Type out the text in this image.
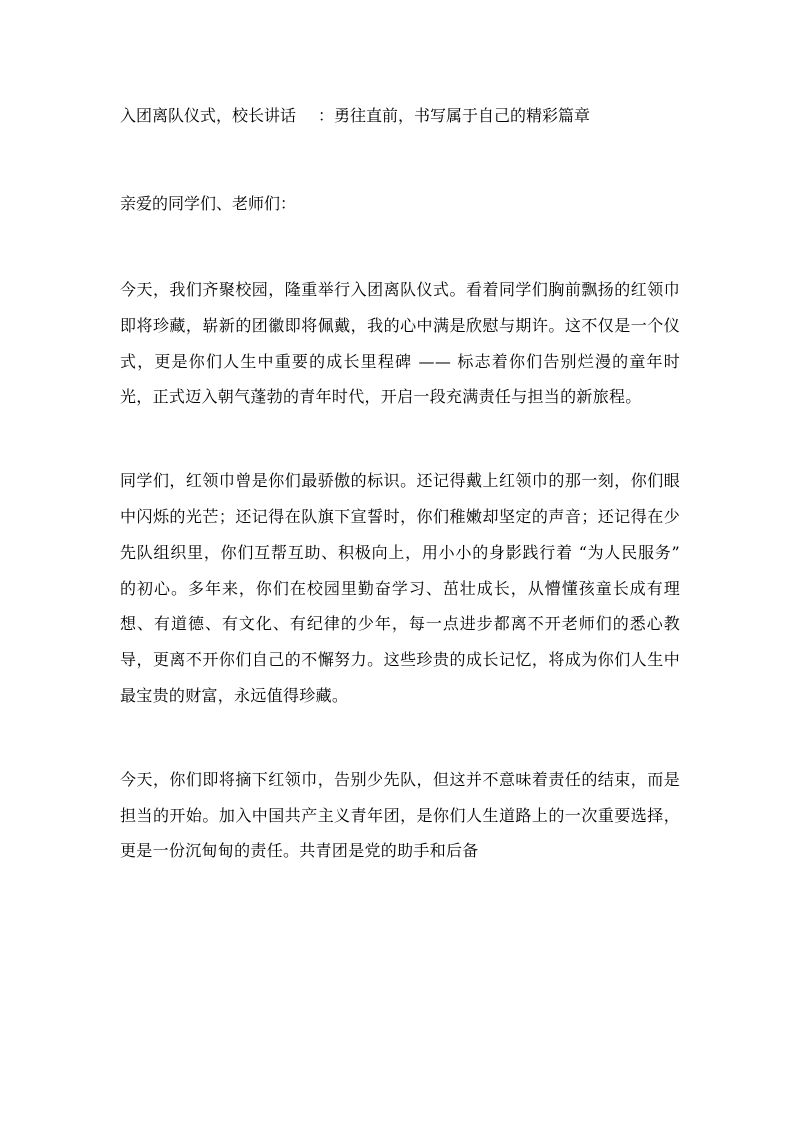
入团离队仪式，校长讲话 ：勇往直前，书写属于自己的精彩篇章

亲爱的同学们、老师们：

今天，我们齐聚校园，隆重举行入团离队仪式。看着同学们胸前飘扬的红领巾即将珍藏，崭新的团徽即将佩戴，我的心中满是欣慰与期许。这不仅是一个仪式，更是你们人生中重要的成长里程碑 —— 标志着你们告别烂漫的童年时光，正式迈入朝气蓬勃的青年时代，开启一段充满责任与担当的新旅程。

同学们，红领巾曾是你们最骄傲的标识。还记得戴上红领巾的那一刻，你们眼中闪烁的光芒；还记得在队旗下宣誓时，你们稚嫩却坚定的声音；还记得在少先队组织里，你们互帮互助、积极向上，用小小的身影践行着 “为人民服务” 的初心。多年来，你们在校园里勤奋学习、茁壮成长，从懵懂孩童长成有理想、有道德、有文化、有纪律的少年，每一点进步都离不开老师们的悉心教导，更离不开你们自己的不懈努力。这些珍贵的成长记忆，将成为你们人生中最宝贵的财富，永远值得珍藏。

今天，你们即将摘下红领巾，告别少先队，但这并不意味着责任的结束，而是担当的开始。加入中国共产主义青年团，是你们人生道路上的一次重要选择，更是一份沉甸甸的责任。共青团是党的助手和后备
